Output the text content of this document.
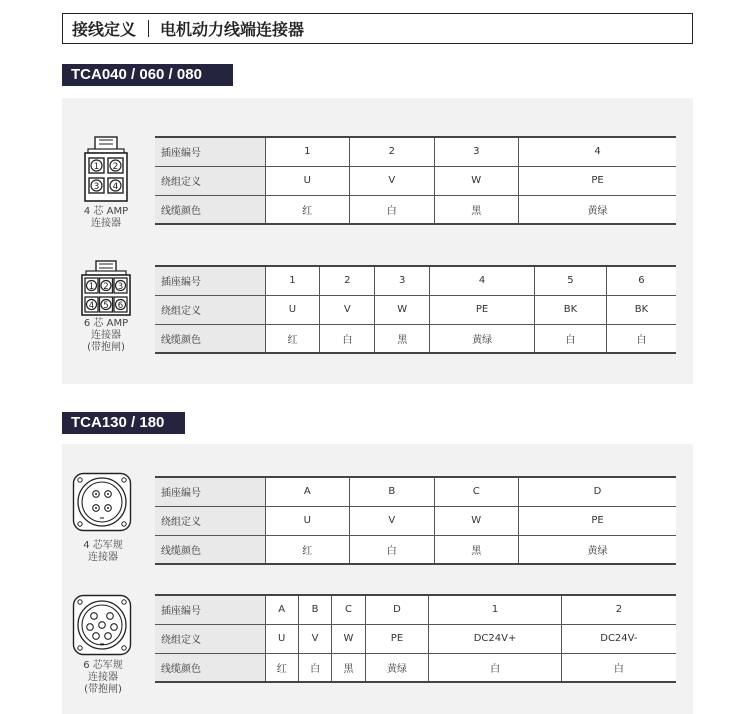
接线定义 电机动力线端连接器
TCA040 / 060 / 080
1 2
3 4
4 芯 AMP
连接器
插座编号	1	2	3	4
绕组定义	U	V	W	PE
线缆颜色	红	白	黑	黄绿
1 2 3
4 5 6
6 芯 AMP
连接器
(带抱闸)
插座编号	1	2	3	4	5	6
绕组定义	U	V	W	PE	BK	BK
线缆颜色	红	白	黑	黄绿	白	白
TCA130 / 180
4 芯军规
连接器
插座编号	A	B	C	D
绕组定义	U	V	W	PE
线缆颜色	红	白	黑	黄绿
6 芯军规
连接器
(带抱闸)
插座编号	A	B	C	D	1	2
绕组定义	U	V	W	PE	DC24V+	DC24V-
线缆颜色	红	白	黑	黄绿	白	白
